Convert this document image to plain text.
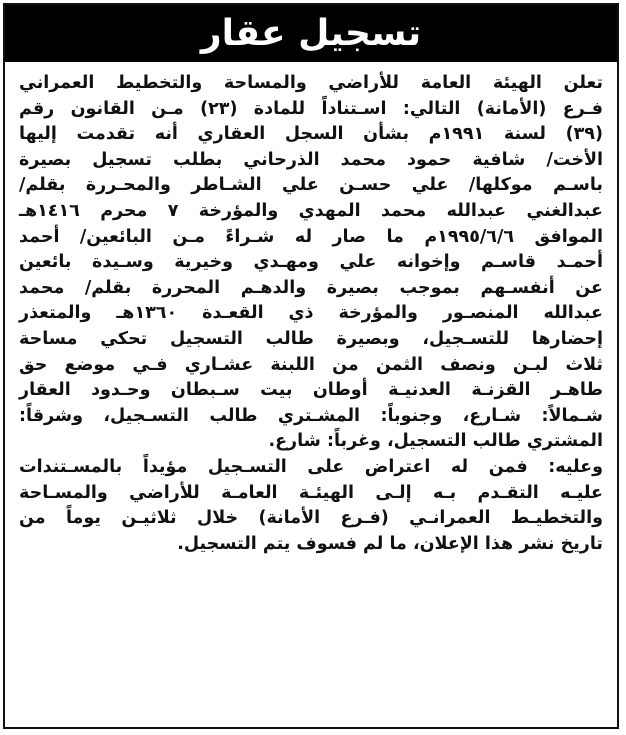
تسجيل عقار
تعلن الهيئة العامة للأراضي والمساحة والتخطيط العمراني
فـرع (الأمانة) التالي: اسـتناداً للمادة (٢٣) مـن القانون رقم
(٣٩) لسنة ١٩٩١م بشأن السجل العقاري أنه تقدمت إليها
الأخت/ شافية حمود محمد الذرحاني بطلب تسجيل بصيرة
باسـم موكلها/ علي حسـن علي الشـاطر والمحـررة بقلم/
عبدالغني عبدالله محمد المهدي والمؤرخة ٧ محرم ١٤١٦هـ
الموافق ١٩٩٥/٦/٦م ما صار له شـراءً مـن البائعين/ أحمد
أحمـد قاسـم وإخوانه علي ومهـدي وخيرية وسـيدة بائعين
عن أنفسـهم بموجب بصيرة والدهـم المحررة بقلم/ محمد
عبدالله المنصـور والمؤرخة ذي القعـدة ١٣٦٠هـ والمتعذر
إحضارها للتسـجيل، وبصيرة طالب التسجيل تحكي مساحة
ثلاث لبـن ونصف الثمن من اللبنة عشـاري فـي موضع حق
طاهـر القزنـة العدنيـة أوطان بيت سـبطان وحـدود العقار
شـمالاً: شـارع، وجنوباً: المشـتري طالب التسـجيل، وشرقاً:
المشتري طالب التسجيل، وغرباً: شارع.
وعليه: فمن له اعتراض على التسـجيل مؤيداً بالمسـتندات
عليـه التقـدم بـه إلـى الهيئـة العامـة للأراضي والمسـاحة
والتخطيـط العمرانـي (فـرع الأمانة) خلال ثلاثيـن يوماً من
تاريخ نشر هذا الإعلان، ما لم فسوف يتم التسجيل.
